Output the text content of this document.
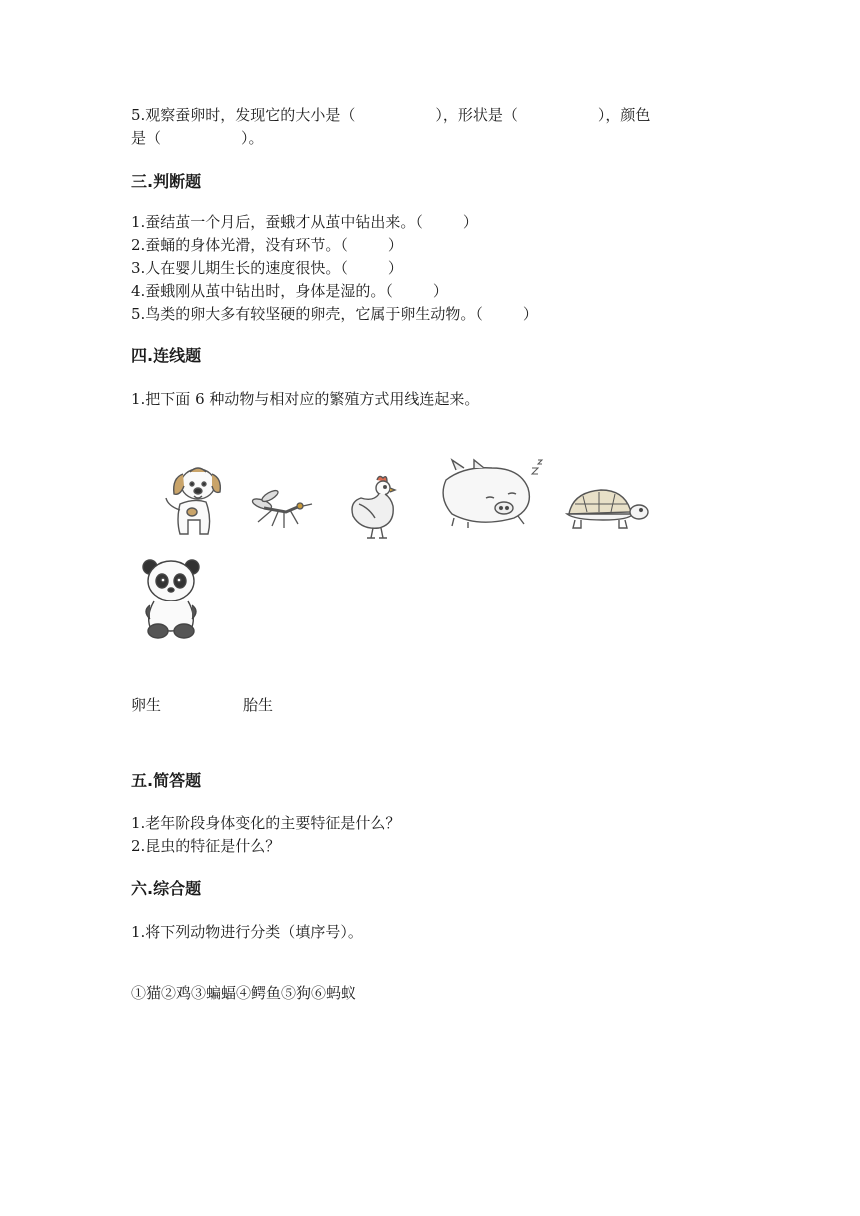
5.观察蚕卵时，发现它的大小是（	），形状是（	），颜色
是（	）。
三.判断题
1.蚕结茧一个月后，蚕蛾才从茧中钻出来。（	）
2.蚕蛹的身体光滑，没有环节。（	）
3.人在婴儿期生长的速度很快。（	）
4.蚕蛾刚从茧中钻出时，身体是湿的。（	）
5.鸟类的卵大多有较坚硬的卵壳，它属于卵生动物。（	）
四.连线题
1.把下面 6 种动物与相对应的繁殖方式用线连起来。
卵生	胎生
五.简答题
1.老年阶段身体变化的主要特征是什么？
2.昆虫的特征是什么？
六.综合题
1.将下列动物进行分类（填序号）。
①猫②鸡③蝙蝠④鳄鱼⑤狗⑥蚂蚁
